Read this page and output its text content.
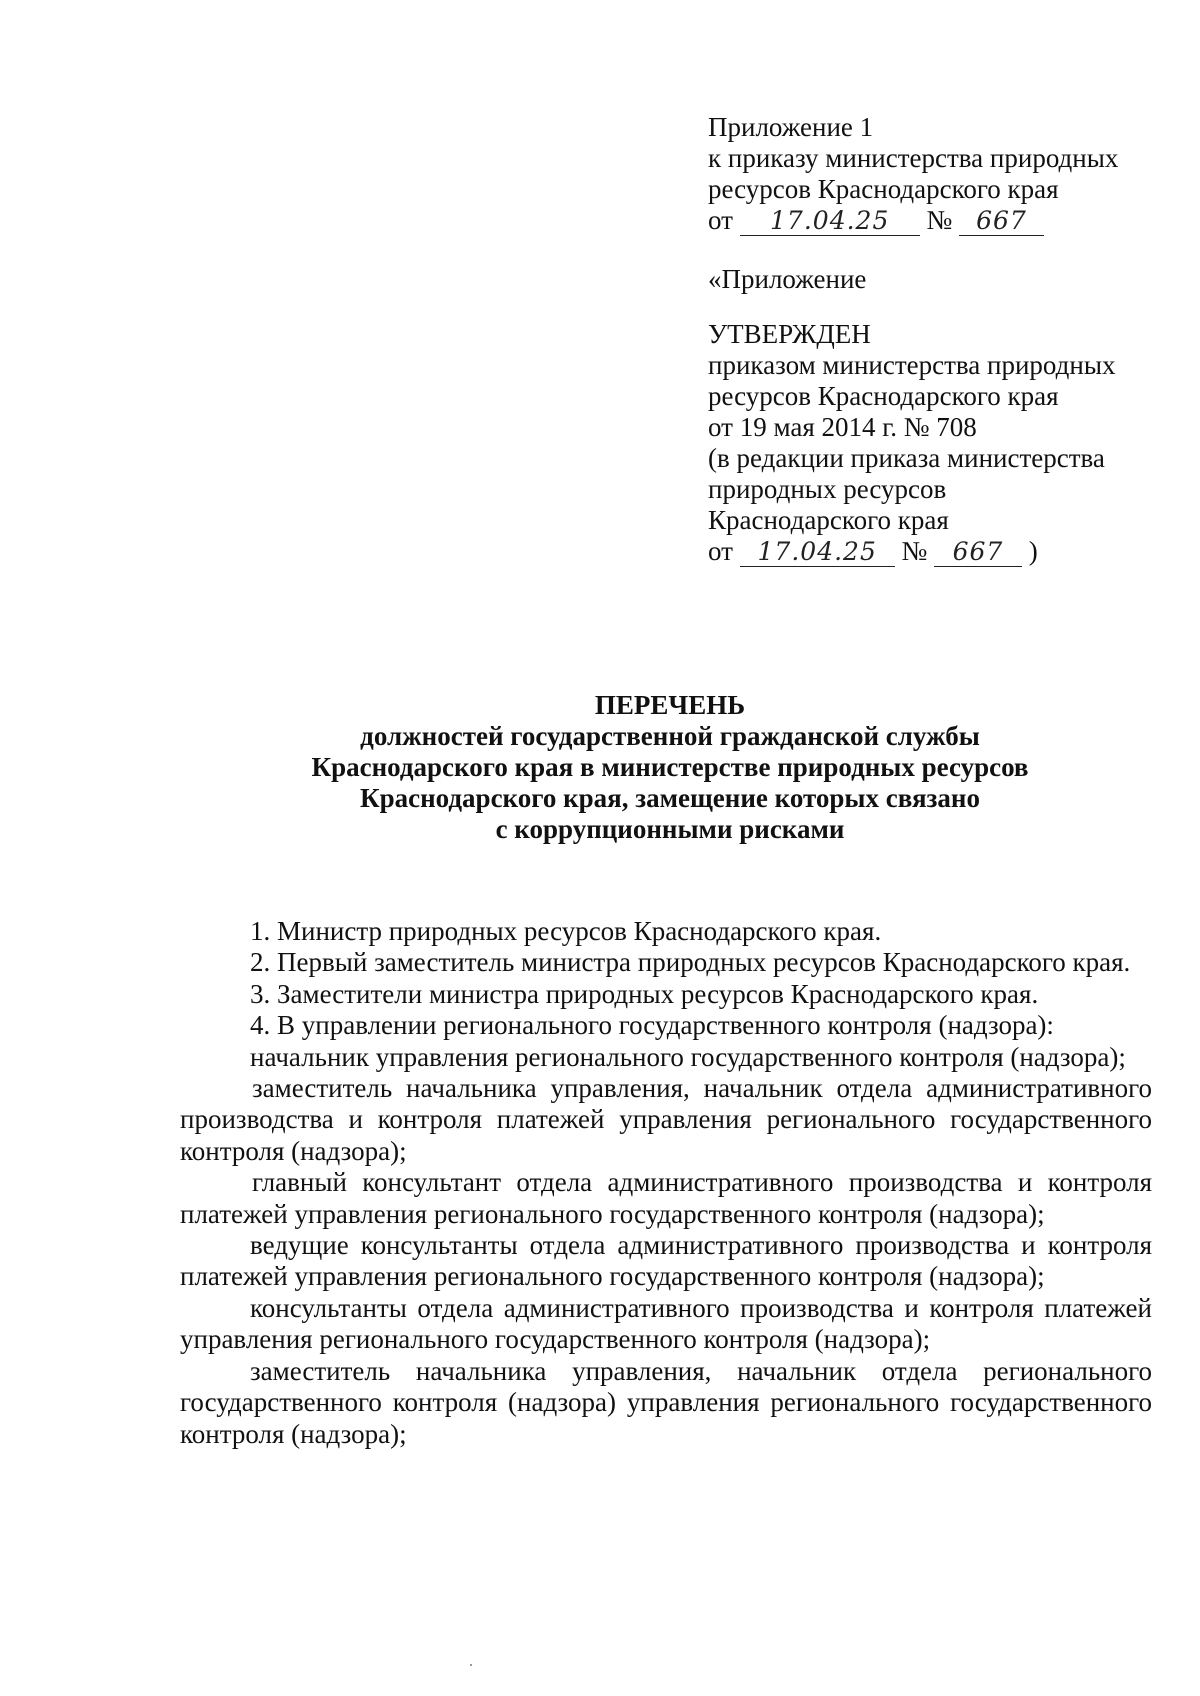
Приложение 1
к приказу министерства природных
ресурсов Краснодарского края
от 17.04.25 № 667
«Приложение
УТВЕРЖДЕН
приказом министерства природных
ресурсов Краснодарского края
от 19 мая 2014 г. № 708
(в редакции приказа министерства
природных ресурсов
Краснодарского края
от 17.04.25 № 667 )
ПЕРЕЧЕНЬ
должностей государственной гражданской службы
Краснодарского края в министерстве природных ресурсов
Краснодарского края, замещение которых связано
с коррупционными рисками

1. Министр природных ресурсов Краснодарского края.

2. Первый заместитель министра природных ресурсов Краснодарского края.

3. Заместители министра природных ресурсов Краснодарского края.

4. В управлении регионального государственного контроля (надзора):

начальник управления регионального государственного контроля (надзора);

заместитель начальника управления, начальник отдела административного производства и контроля платежей управления регионального государственного контроля (надзора);

главный консультант отдела административного производства и контроля платежей управления регионального государственного контроля (надзора);

ведущие консультанты отдела административного производства и контроля платежей управления регионального государственного контроля (надзора);

консультанты отдела административного производства и контроля платежей управления регионального государственного контроля (надзора);

заместитель начальника управления, начальник отдела регионального государственного контроля (надзора) управления регионального государственного контроля (надзора);
